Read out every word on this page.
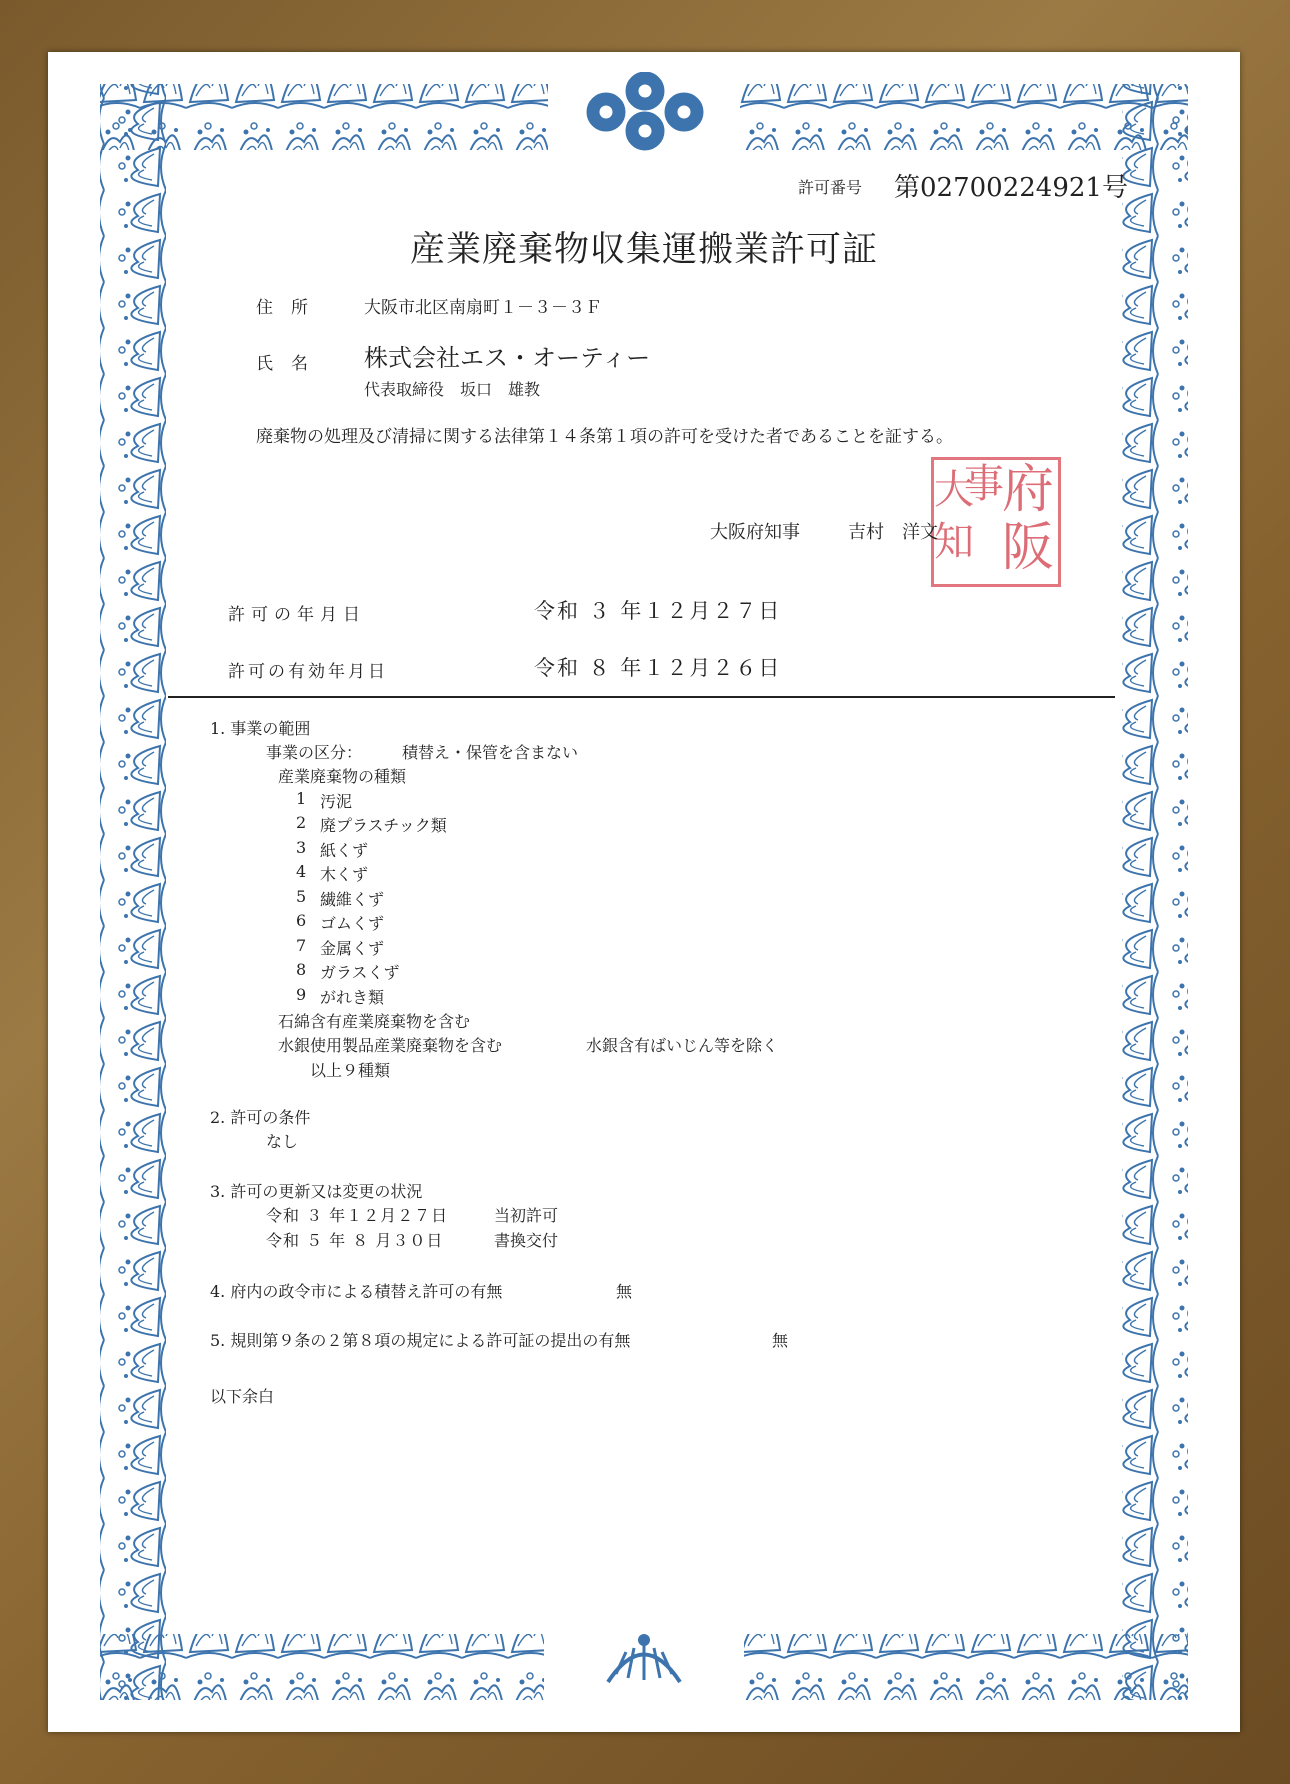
許可番号 第02700224921号
産業廃棄物収集運搬業許可証
住所 大阪市北区南扇町１－３－３Ｆ
氏名 株式会社エス・オーティー
代表取締役　坂口　雄教
廃棄物の処理及び清掃に関する法律第１４条第１項の許可を受けた者であることを証する。
府
阪
事
知
大
大阪府知事	吉村　洋文
許可の年月日	令和 ３ 年１２月２７日
許可の有効年月日	令和 ８ 年１２月２６日
1. 事業の範囲
事業の区分： 積替え・保管を含まない
産業廃棄物の種類
1 汚泥
2 廃プラスチック類
3 紙くず
4 木くず
5 繊維くず
6 ゴムくず
7 金属くず
8 ガラスくず
9 がれき類
石綿含有産業廃棄物を含む
水銀使用製品産業廃棄物を含む	水銀含有ばいじん等を除く
以上９種類
2. 許可の条件
なし
3. 許可の更新又は変更の状況
令和 ３ 年１２月２７日	当初許可
令和 ５ 年 ８ 月３０日	書換交付
4. 府内の政令市による積替え許可の有無	無
5. 規則第９条の２第８項の規定による許可証の提出の有無	無
以下余白
